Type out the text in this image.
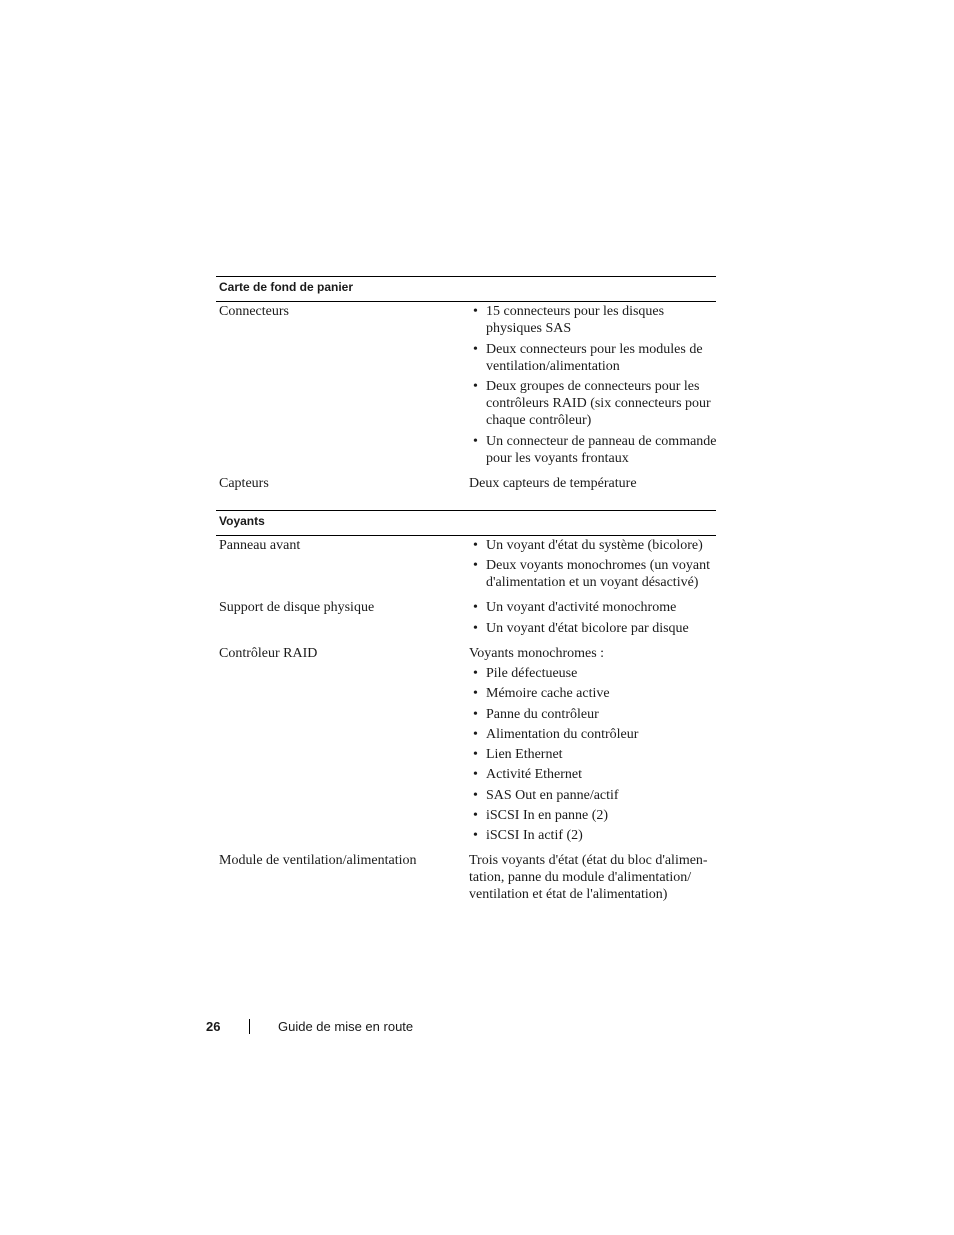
Carte de fond de panier
Connecteurs	• 15 connecteurs pour les disques physiques SAS
• Deux connecteurs pour les modules de ventilation/alimentation
• Deux groupes de connecteurs pour les contrôleurs RAID (six connecteurs pour chaque contrôleur)
• Un connecteur de panneau de commande pour les voyants frontaux
Capteurs	Deux capteurs de température
Voyants
Panneau avant	• Un voyant d'état du système (bicolore)
• Deux voyants monochromes (un voyant d'alimentation et un voyant désactivé)
Support de disque physique	• Un voyant d'activité monochrome
• Un voyant d'état bicolore par disque
Contrôleur RAID	Voyants monochromes :
• Pile défectueuse
• Mémoire cache active
• Panne du contrôleur
• Alimentation du contrôleur
• Lien Ethernet
• Activité Ethernet
• SAS Out en panne/actif
• iSCSI In en panne (2)
• iSCSI In actif (2)
Module de ventilation/alimentation	Trois voyants d'état (état du bloc d'alimen-tation, panne du module d'alimentation/ ventilation et état de l'alimentation)
26	Guide de mise en route
